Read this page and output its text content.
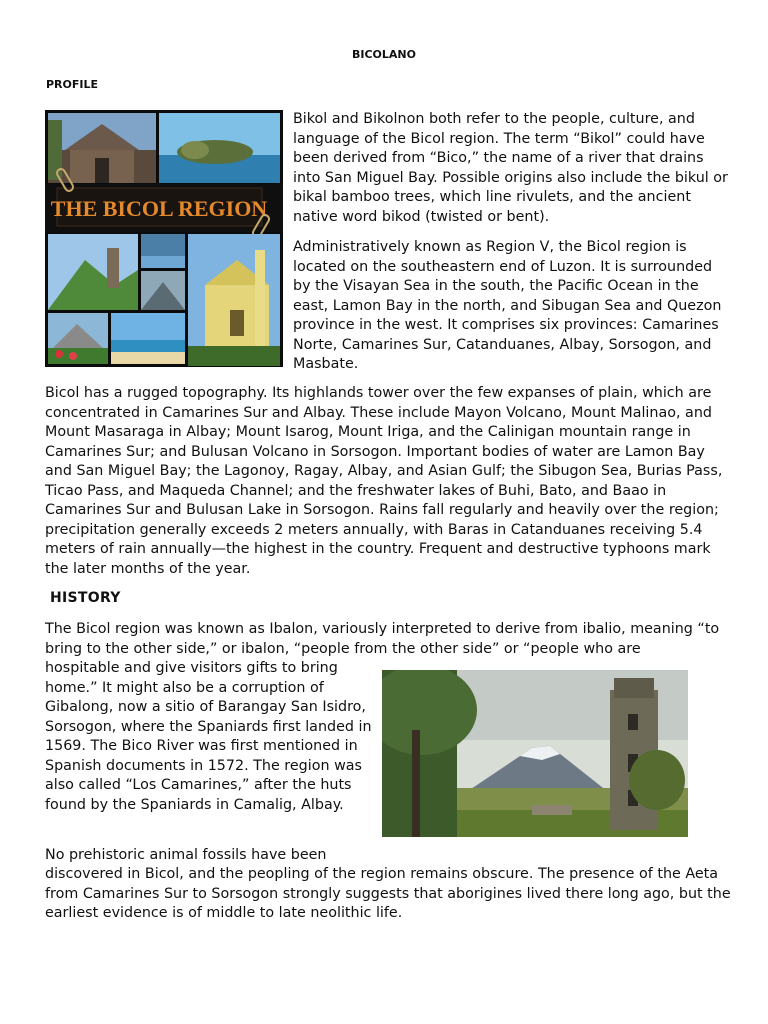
BICOLANO
PROFILE
THE BICOL REGION
Bikol and Bikolnon both refer to the people, culture, and language of the Bicol region. The term “Bikol” could have been derived from “Bico,” the name of a river that drains into San Miguel Bay. Possible origins also include the bikul or bikal bamboo trees, which line rivulets, and the ancient native word bikod (twisted or bent).
Administratively known as Region V, the Bicol region is located on the southeastern end of Luzon. It is surrounded by the Visayan Sea in the south, the Pacific Ocean in the east, Lamon Bay in the north, and Sibugan Sea and Quezon province in the west. It comprises six provinces: Camarines Norte, Camarines Sur, Catanduanes, Albay, Sorsogon, and Masbate.
Bicol has a rugged topography. Its highlands tower over the few expanses of plain, which are concentrated in Camarines Sur and Albay. These include Mayon Volcano, Mount Malinao, and Mount Masaraga in Albay; Mount Isarog, Mount Iriga, and the Calinigan mountain range in Camarines Sur; and Bulusan Volcano in Sorsogon. Important bodies of water are Lamon Bay and San Miguel Bay; the Lagonoy, Ragay, Albay, and Asian Gulf; the Sibugon Sea, Burias Pass, Ticao Pass, and Maqueda Channel; and the freshwater lakes of Buhi, Bato, and Baao in Camarines Sur and Bulusan Lake in Sorsogon. Rains fall regularly and heavily over the region; precipitation generally exceeds 2 meters annually, with Baras in Catanduanes receiving 5.4 meters of rain annually—the highest in the country. Frequent and destructive typhoons mark the later months of the year.
HISTORY
The Bicol region was known as Ibalon, variously interpreted to derive from ibalio, meaning “to bring to the other side,” or ibalon, “people from the other side” or “people who are
hospitable and give visitors gifts to bring home.” It might also be a corruption of Gibalong, now a sitio of Barangay San Isidro, Sorsogon, where the Spaniards first landed in 1569. The Bico River was first mentioned in Spanish documents in 1572. The region was also called “Los Camarines,” after the huts found by the Spaniards in Camalig, Albay.
No prehistoric animal fossils have been
discovered in Bicol, and the peopling of the region remains obscure. The presence of the Aeta from Camarines Sur to Sorsogon strongly suggests that aborigines lived there long ago, but the earliest evidence is of middle to late neolithic life.
